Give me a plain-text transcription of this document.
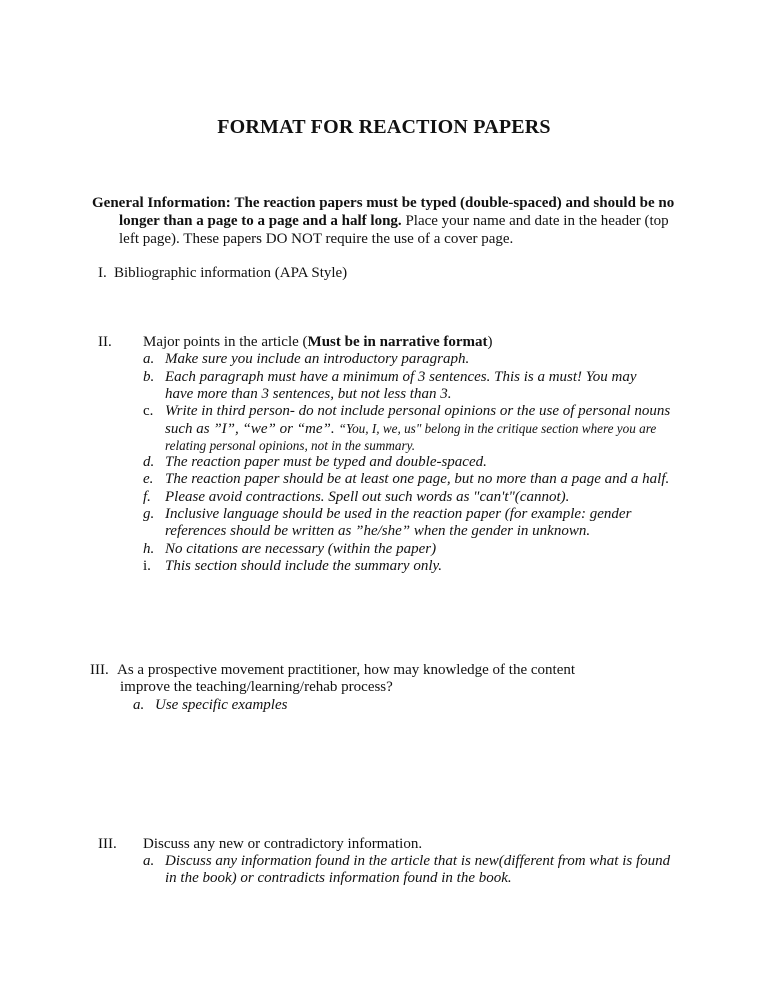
FORMAT FOR REACTION PAPERS
General Information: The reaction papers must be typed (double-spaced) and should be no
longer than a page to a page and a half long. Place your name and date in the header (top
left page). These papers DO NOT require the use of a cover page.
I. Bibliographic information (APA Style)
II. Major points in the article (Must be in narrative format)
a. Make sure you include an introductory paragraph.
b. Each paragraph must have a minimum of 3 sentences. This is a must! You may
have more than 3 sentences, but not less than 3.
c. Write in third person- do not include personal opinions or the use of personal nouns
such as ”I”, “we” or “me”. “You, I, we, us" belong in the critique section where you are
relating personal opinions, not in the summary.
d. The reaction paper must be typed and double-spaced.
e. The reaction paper should be at least one page, but no more than a page and a half.
f. Please avoid contractions. Spell out such words as "can't"(cannot).
g. Inclusive language should be used in the reaction paper (for example: gender
references should be written as ”he/she” when the gender in unknown.
h. No citations are necessary (within the paper)
i. This section should include the summary only.
III. As a prospective movement practitioner, how may knowledge of the content
improve the teaching/learning/rehab process?
a. Use specific examples
III. Discuss any new or contradictory information.
a. Discuss any information found in the article that is new(different from what is found
in the book) or contradicts information found in the book.
